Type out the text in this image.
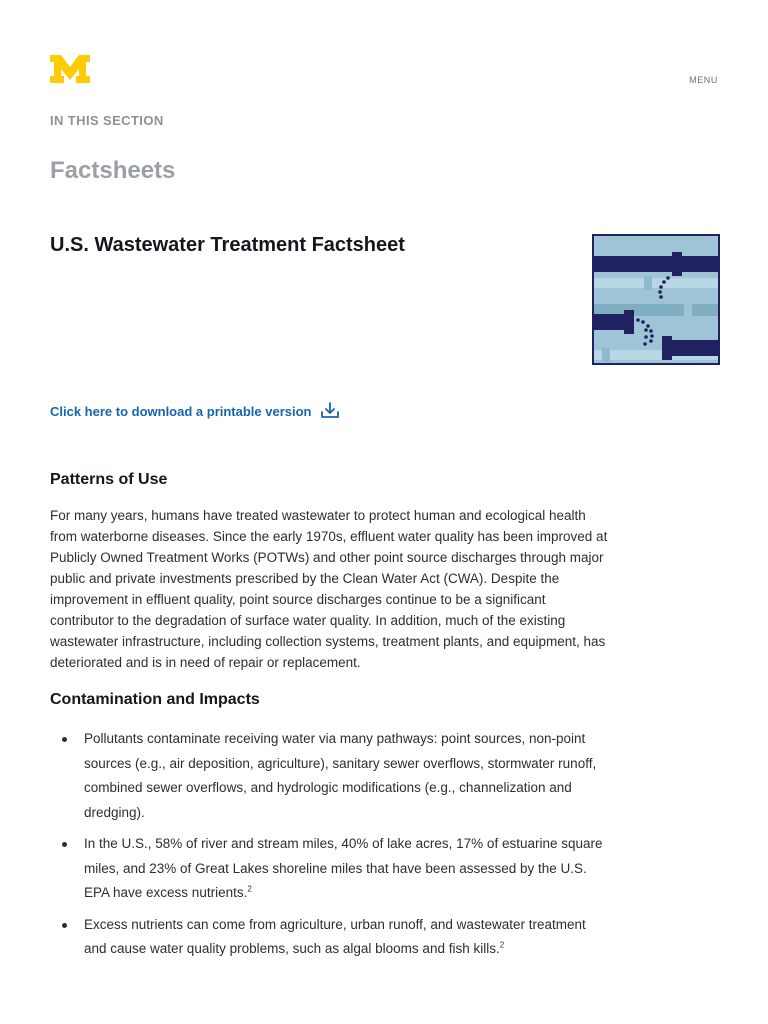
MENU
IN THIS SECTION
Factsheets
U.S. Wastewater Treatment Factsheet
Click here to download a printable version
Patterns of Use

For many years, humans have treated wastewater to protect human and ecological health from waterborne diseases. Since the early 1970s, effluent water quality has been improved at Publicly Owned Treatment Works (POTWs) and other point source discharges through major public and private investments prescribed by the Clean Water Act (CWA). Despite the improvement in effluent quality, point source discharges continue to be a significant contributor to the degradation of surface water quality. In addition, much of the existing wastewater infrastructure, including collection systems, treatment plants, and equipment, has deteriorated and is in need of repair or replacement.

Contamination and Impacts
Pollutants contaminate receiving water via many pathways: point sources, non-point sources (e.g., air deposition, agriculture), sanitary sewer overflows, stormwater runoff, combined sewer overflows, and hydrologic modifications (e.g., channelization and dredging).
In the U.S., 58% of river and stream miles, 40% of lake acres, 17% of estuarine square miles, and 23% of Great Lakes shoreline miles that have been assessed by the U.S. EPA have excess nutrients.$^2$
Excess nutrients can come from agriculture, urban runoff, and wastewater treatment and cause water quality problems, such as algal blooms and fish kills.$^2$
